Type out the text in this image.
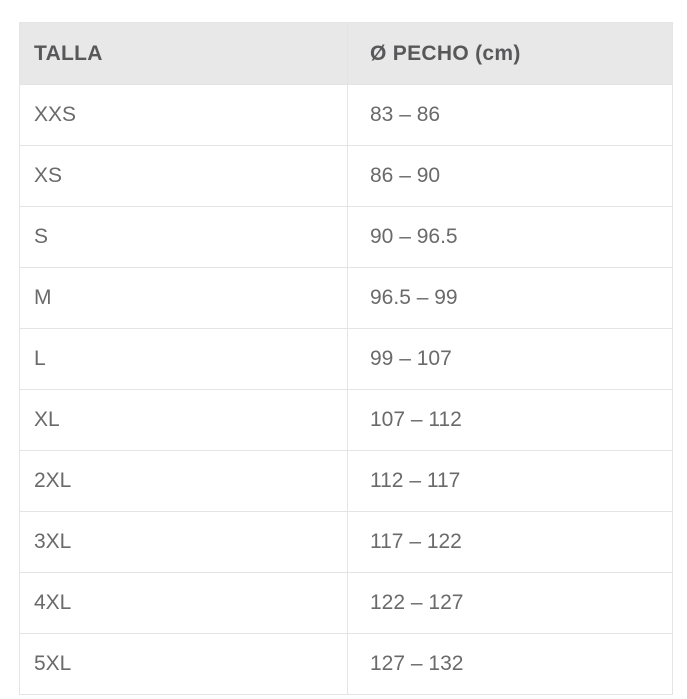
TALLA	Ø PECHO (cm)
XXS	83 – 86
XS	86 – 90
S	90 – 96.5
M	96.5 – 99
L	99 – 107
XL	107 – 112
2XL	112 – 117
3XL	117 – 122
4XL	122 – 127
5XL	127 – 132
